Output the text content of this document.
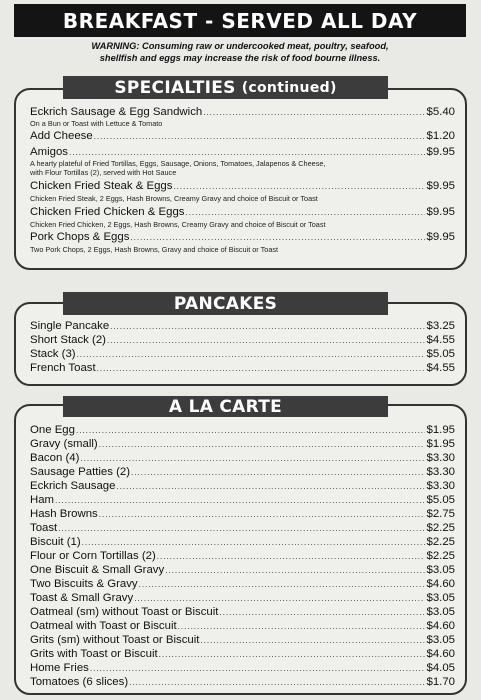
BREAKFAST - SERVED ALL DAY
WARNING: Consuming raw or undercooked meat, poultry, seafood,
shellfish and eggs may increase the risk of food bourne illness.
SPECIALTIES (continued)
Eckrich Sausage & Egg Sandwich .....	$5.40
On a Bun or Toast with Lettuce & Tomato
Add Cheese .....	$1.20
Amigos .....	$9.95
A hearty plateful of Fried Tortillas, Eggs, Sausage, Onions, Tomatoes, Jalapenos & Cheese,
with Flour Tortillas (2), served with Hot Sauce
Chicken Fried Steak & Eggs .....	$9.95
Chicken Fried Steak, 2 Eggs, Hash Browns, Creamy Gravy and choice of Biscuit or Toast
Chicken Fried Chicken & Eggs .....	$9.95
Chicken Fried Chicken, 2 Eggs, Hash Browns, Creamy Gravy and choice of Biscuit or Toast
Pork Chops & Eggs .....	$9.95
Two Pork Chops, 2 Eggs, Hash Browns, Gravy and choice of Biscuit or Toast
PANCAKES
Single Pancake .....	$3.25
Short Stack (2) .....	$4.55
Stack (3) .....	$5.05
French Toast .....	$4.55
A LA CARTE
One Egg .....	$1.95
Gravy (small) .....	$1.95
Bacon (4) .....	$3.30
Sausage Patties (2) .....	$3.30
Eckrich Sausage .....	$3.30
Ham .....	$5.05
Hash Browns .....	$2.75
Toast .....	$2.25
Biscuit (1) .....	$2.25
Flour or Corn Tortillas (2) .....	$2.25
One Biscuit & Small Gravy .....	$3.05
Two Biscuits & Gravy .....	$4.60
Toast & Small Gravy .....	$3.05
Oatmeal (sm) without Toast or Biscuit .....	$3.05
Oatmeal with Toast or Biscuit .....	$4.60
Grits (sm) without Toast or Biscuit .....	$3.05
Grits with Toast or Biscuit .....	$4.60
Home Fries .....	$4.05
Tomatoes (6 slices) .....	$1.70
